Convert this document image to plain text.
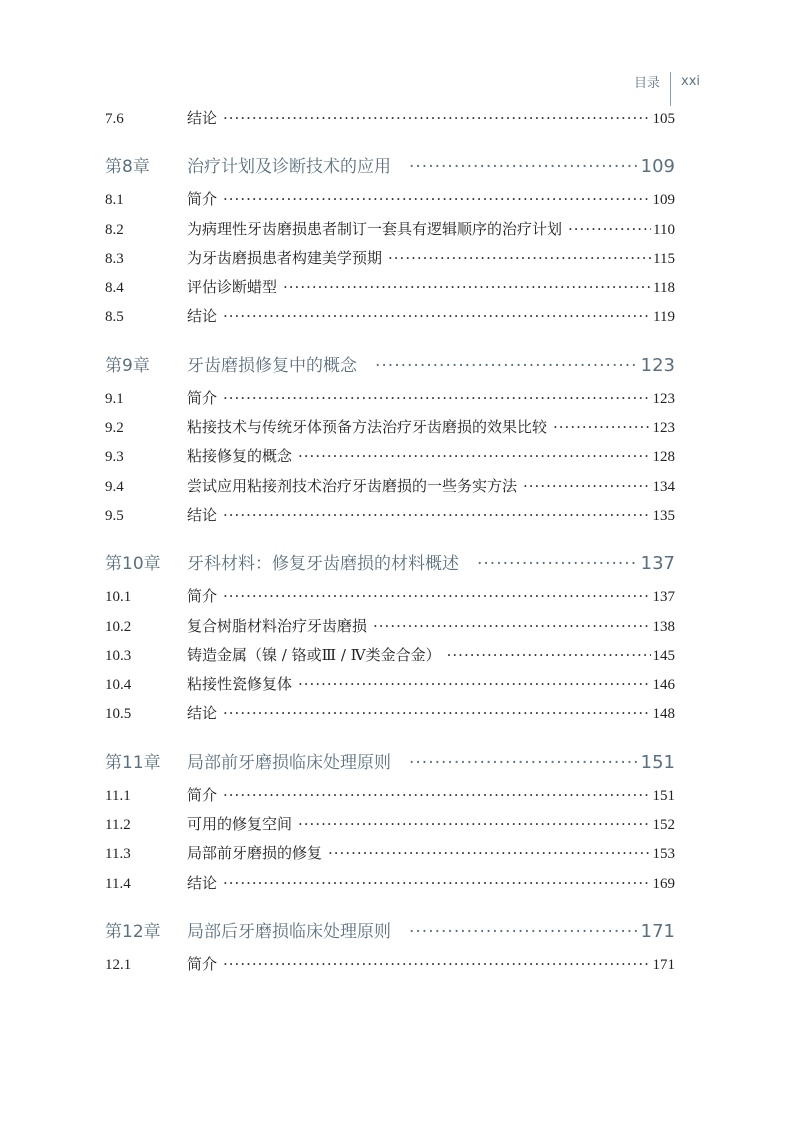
目录 xxi
7.6	结论 ·····	105
第8章	治疗计划及诊断技术的应用 ·····	109
8.1	简介 ·····	109
8.2	为病理性牙齿磨损患者制订一套具有逻辑顺序的治疗计划 ·····	110
8.3	为牙齿磨损患者构建美学预期 ·····	115
8.4	评估诊断蜡型 ·····	118
8.5	结论 ·····	119
第9章	牙齿磨损修复中的概念 ·····	123
9.1	简介 ·····	123
9.2	粘接技术与传统牙体预备方法治疗牙齿磨损的效果比较 ·····	123
9.3	粘接修复的概念 ·····	128
9.4	尝试应用粘接剂技术治疗牙齿磨损的一些务实方法 ·····	134
9.5	结论 ·····	135
第10章	牙科材料：修复牙齿磨损的材料概述 ·····	137
10.1	简介 ·····	137
10.2	复合树脂材料治疗牙齿磨损 ·····	138
10.3	铸造金属（镍 / 铬或Ⅲ / Ⅳ类金合金） ·····	145
10.4	粘接性瓷修复体 ·····	146
10.5	结论 ·····	148
第11章	局部前牙磨损临床处理原则 ·····	151
11.1	简介 ·····	151
11.2	可用的修复空间 ·····	152
11.3	局部前牙磨损的修复 ·····	153
11.4	结论 ·····	169
第12章	局部后牙磨损临床处理原则 ·····	171
12.1	简介 ·····	171
